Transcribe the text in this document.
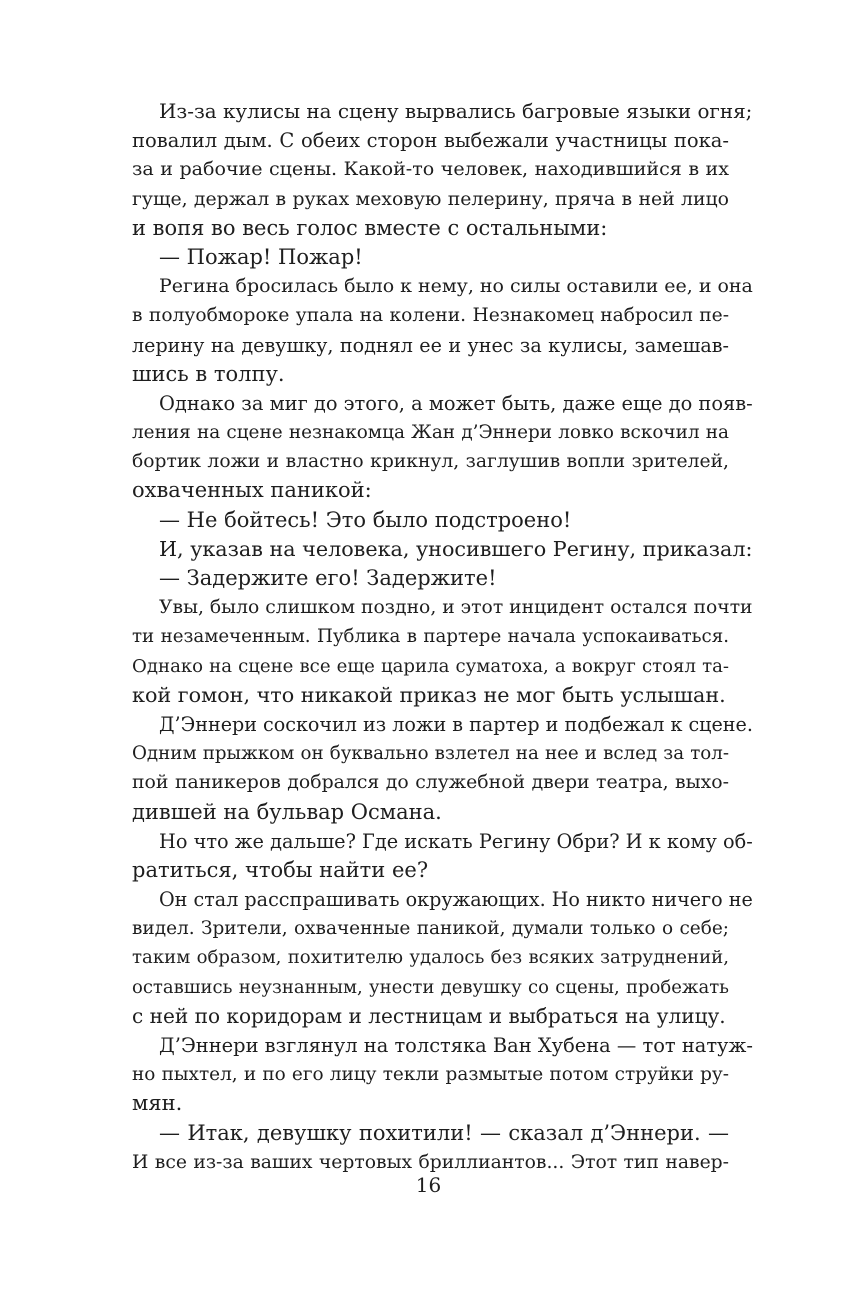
Из-за кулисы на сцену вырвались багровые языки огня;
повалил дым. С обеих сторон выбежали участницы пока-
за и рабочие сцены. Какой-то человек, находившийся в их
гуще, держал в руках меховую пелерину, пряча в ней лицо
и вопя во весь голос вместе с остальными:
— Пожар! Пожар!
Регина бросилась было к нему, но силы оставили ее, и она
в полуобмороке упала на колени. Незнакомец набросил пе-
лерину на девушку, поднял ее и унес за кулисы, замешав-
шись в толпу.
Однако за миг до этого, а может быть, даже еще до появ-
ления на сцене незнакомца Жан д’Эннери ловко вскочил на
бортик ложи и властно крикнул, заглушив вопли зрителей,
охваченных паникой:
— Не бойтесь! Это было подстроено!
И, указав на человека, уносившего Регину, приказал:
— Задержите его! Задержите!
Увы, было слишком поздно, и этот инцидент остался почти
ти незамеченным. Публика в партере начала успокаиваться.
Однако на сцене все еще царила суматоха, а вокруг стоял та-
кой гомон, что никакой приказ не мог быть услышан.
Д’Эннери соскочил из ложи в партер и подбежал к сцене.
Одним прыжком он буквально взлетел на нее и вслед за тол-
пой паникеров добрался до служебной двери театра, выхо-
дившей на бульвар Османа.
Но что же дальше? Где искать Регину Обри? И к кому об-
ратиться, чтобы найти ее?
Он стал расспрашивать окружающих. Но никто ничего не
видел. Зрители, охваченные паникой, думали только о себе;
таким образом, похитителю удалось без всяких затруднений,
оставшись неузнанным, унести девушку со сцены, пробежать
с ней по коридорам и лестницам и выбраться на улицу.
Д’Эннери взглянул на толстяка Ван Хубена — тот натуж-
но пыхтел, и по его лицу текли размытые потом струйки ру-
мян.
— Итак, девушку похитили! — сказал д’Эннери. —
И все из-за ваших чертовых бриллиантов... Этот тип навер-
16
